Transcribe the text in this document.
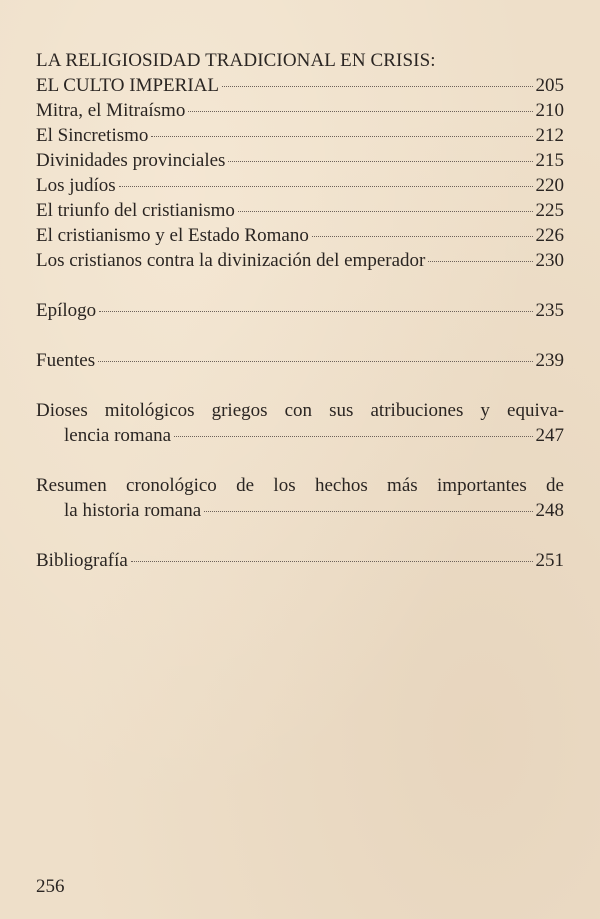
LA RELIGIOSIDAD TRADICIONAL EN CRISIS:
EL CULTO IMPERIAL	205
Mitra, el Mitraísmo	210
El Sincretismo	212
Divinidades provinciales	215
Los judíos	220
El triunfo del cristianismo	225
El cristianismo y el Estado Romano	226
Los cristianos contra la divinización del emperador	230
Epílogo	235
Fuentes	239
Dioses mitológicos griegos con sus atribuciones y equiva-
lencia romana	247
Resumen cronológico de los hechos más importantes de
la historia romana	248
Bibliografía	251
256
